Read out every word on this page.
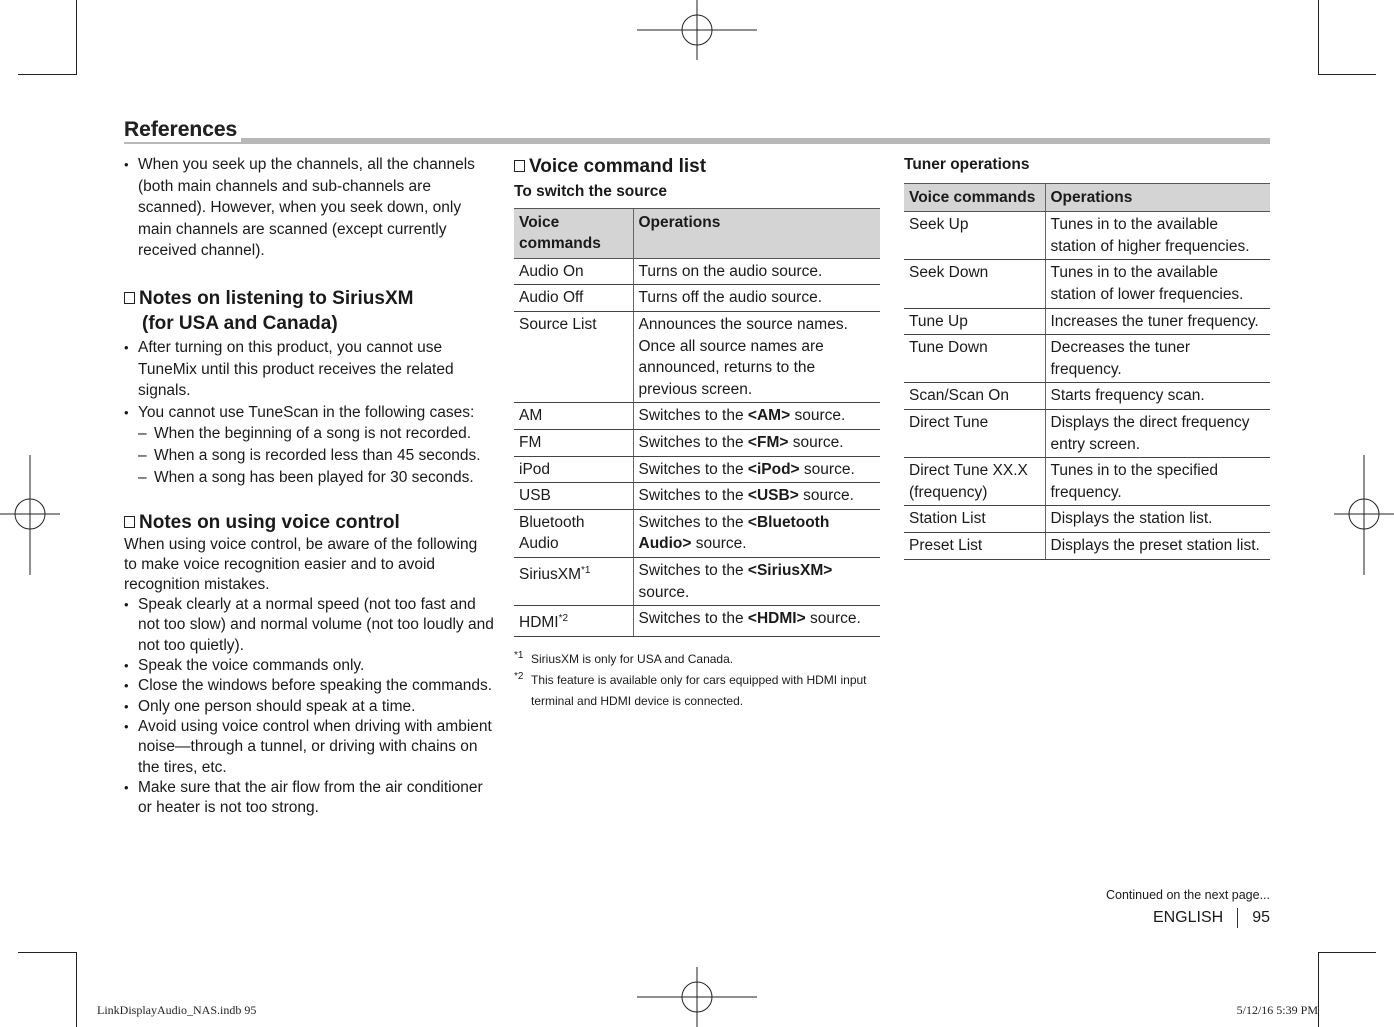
References
• When you seek up the channels, all the channels (both main channels and sub-channels are scanned). However, when you seek down, only main channels are scanned (except currently received channel).
Notes on listening to SiriusXM
(for USA and Canada)
• After turning on this product, you cannot use TuneMix until this product receives the related signals.
• You cannot use TuneScan in the following cases:
– When the beginning of a song is not recorded.
– When a song is recorded less than 45 seconds.
– When a song has been played for 30 seconds.
Notes on using voice control
When using voice control, be aware of the following to make voice recognition easier and to avoid recognition mistakes.
• Speak clearly at a normal speed (not too fast and not too slow) and normal volume (not too loudly and not too quietly).
• Speak the voice commands only.
• Close the windows before speaking the commands.
• Only one person should speak at a time.
• Avoid using voice control when driving with ambient noise—through a tunnel, or driving with chains on the tires, etc.
• Make sure that the air flow from the air conditioner or heater is not too strong.
Voice command list
To switch the source
Voice commands	Operations
Audio On	Turns on the audio source.
Audio Off	Turns off the audio source.
Source List	Announces the source names. Once all source names are announced, returns to the previous screen.
AM	Switches to the <AM> source.
FM	Switches to the <FM> source.
iPod	Switches to the <iPod> source.
USB	Switches to the <USB> source.
Bluetooth Audio	Switches to the <Bluetooth Audio> source.
SiriusXM$^{*1}$	Switches to the <SiriusXM> source.
HDMI$^{*2}$	Switches to the <HDMI> source.
*1 SiriusXM is only for USA and Canada.
*2 This feature is available only for cars equipped with HDMI input terminal and HDMI device is connected.
Tuner operations
Voice commands	Operations
Seek Up	Tunes in to the available station of higher frequencies.
Seek Down	Tunes in to the available station of lower frequencies.
Tune Up	Increases the tuner frequency.
Tune Down	Decreases the tuner frequency.
Scan/Scan On	Starts frequency scan.
Direct Tune	Displays the direct frequency entry screen.
Direct Tune XX.X (frequency)	Tunes in to the specified frequency.
Station List	Displays the station list.
Preset List	Displays the preset station list.
Continued on the next page...
ENGLISH 95
LinkDisplayAudio_NAS.indb 95	5/12/16 5:39 PM
